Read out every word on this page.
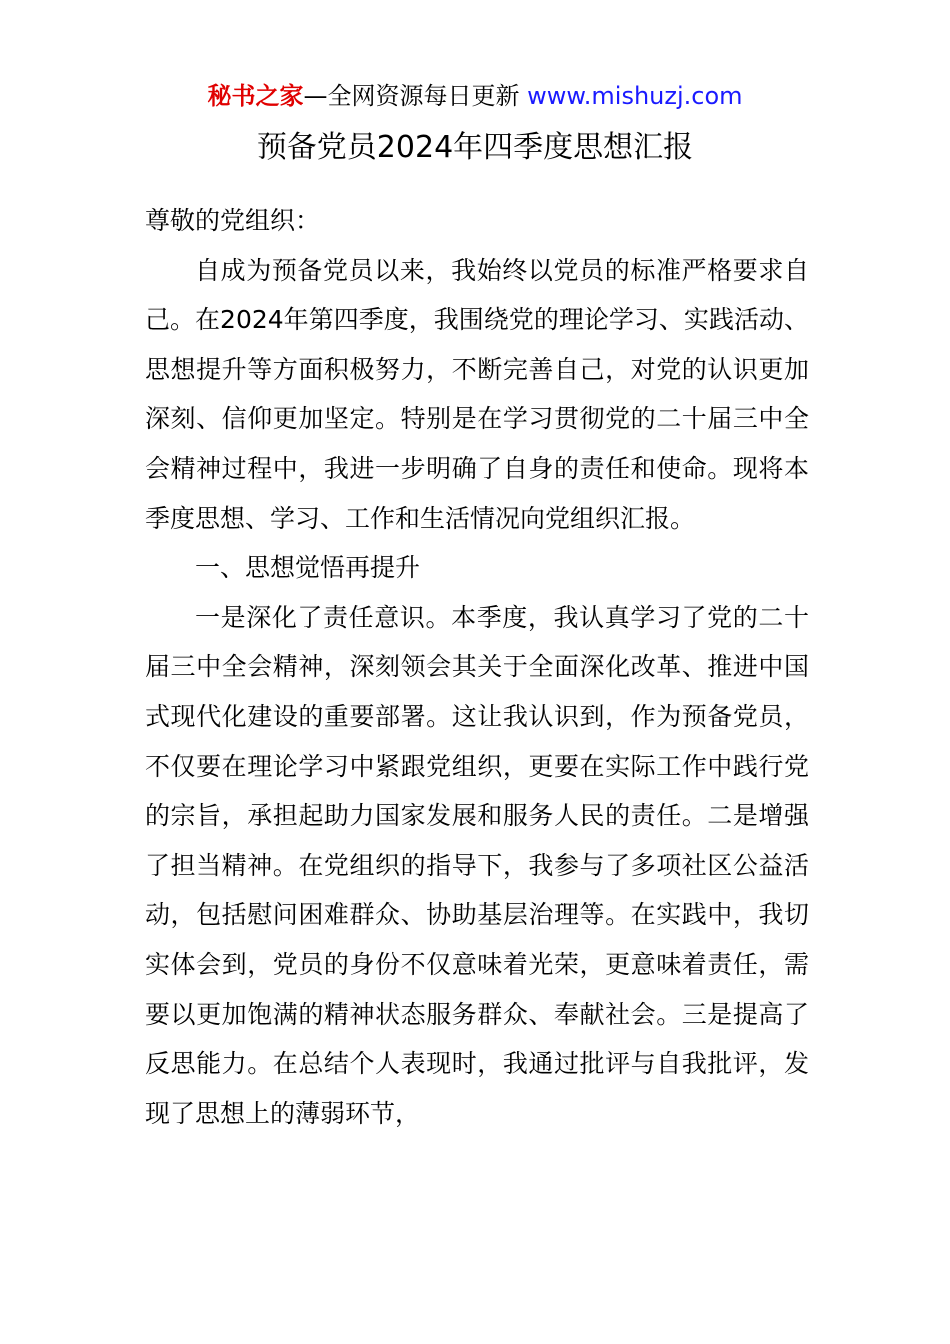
秘书之家—全网资源每日更新 www.mishuzj.com
预备党员2024年四季度思想汇报

尊敬的党组织：

自成为预备党员以来，我始终以党员的标准严格要求自己。在2024年第四季度，我围绕党的理论学习、实践活动、思想提升等方面积极努力，不断完善自己，对党的认识更加深刻、信仰更加坚定。特别是在学习贯彻党的二十届三中全会精神过程中，我进一步明确了自身的责任和使命。现将本季度思想、学习、工作和生活情况向党组织汇报。

一、思想觉悟再提升

一是深化了责任意识。本季度，我认真学习了党的二十届三中全会精神，深刻领会其关于全面深化改革、推进中国式现代化建设的重要部署。这让我认识到，作为预备党员，不仅要在理论学习中紧跟党组织，更要在实际工作中践行党的宗旨，承担起助力国家发展和服务人民的责任。二是增强了担当精神。在党组织的指导下，我参与了多项社区公益活动，包括慰问困难群众、协助基层治理等。在实践中，我切实体会到，党员的身份不仅意味着光荣，更意味着责任，需要以更加饱满的精神状态服务群众、奉献社会。三是提高了反思能力。在总结个人表现时，我通过批评与自我批评，发现了思想上的薄弱环节，
